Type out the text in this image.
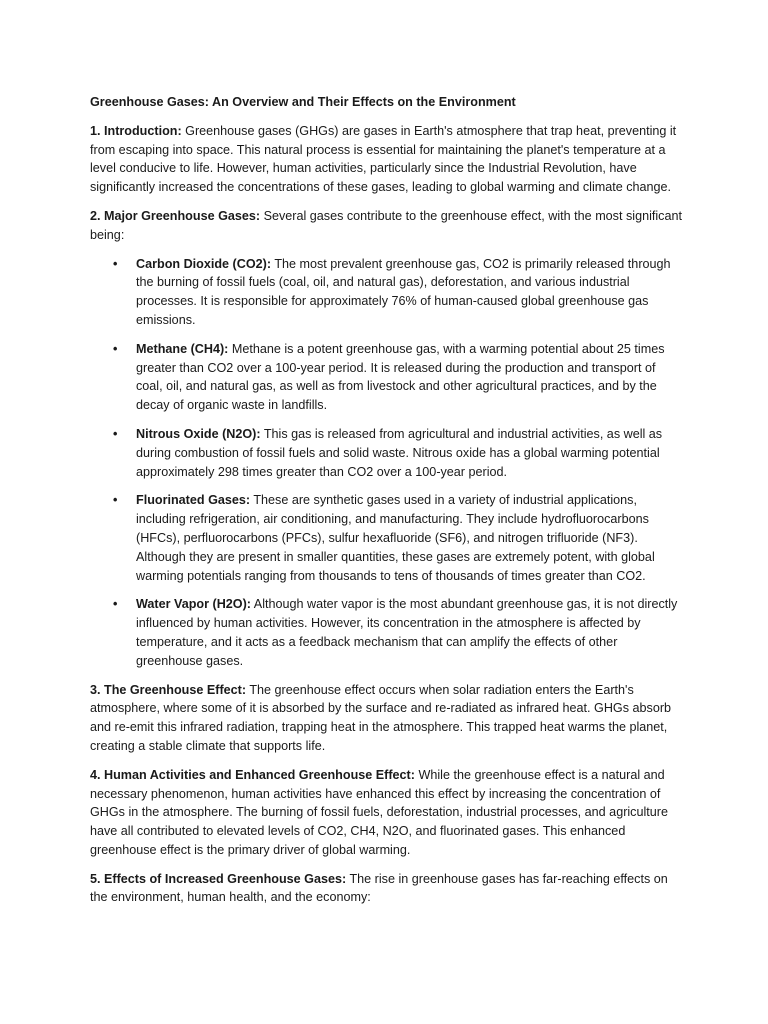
Greenhouse Gases: An Overview and Their Effects on the Environment

1. Introduction: Greenhouse gases (GHGs) are gases in Earth's atmosphere that trap heat, preventing it from escaping into space. This natural process is essential for maintaining the planet's temperature at a level conducive to life. However, human activities, particularly since the Industrial Revolution, have significantly increased the concentrations of these gases, leading to global warming and climate change.

2. Major Greenhouse Gases: Several gases contribute to the greenhouse effect, with the most significant being:

• Carbon Dioxide (CO2): The most prevalent greenhouse gas, CO2 is primarily released through the burning of fossil fuels (coal, oil, and natural gas), deforestation, and various industrial processes. It is responsible for approximately 76% of human-caused global greenhouse gas emissions.
• Methane (CH4): Methane is a potent greenhouse gas, with a warming potential about 25 times greater than CO2 over a 100-year period. It is released during the production and transport of coal, oil, and natural gas, as well as from livestock and other agricultural practices, and by the decay of organic waste in landfills.
• Nitrous Oxide (N2O): This gas is released from agricultural and industrial activities, as well as during combustion of fossil fuels and solid waste. Nitrous oxide has a global warming potential approximately 298 times greater than CO2 over a 100-year period.
• Fluorinated Gases: These are synthetic gases used in a variety of industrial applications, including refrigeration, air conditioning, and manufacturing. They include hydrofluorocarbons (HFCs), perfluorocarbons (PFCs), sulfur hexafluoride (SF6), and nitrogen trifluoride (NF3). Although they are present in smaller quantities, these gases are extremely potent, with global warming potentials ranging from thousands to tens of thousands of times greater than CO2.
• Water Vapor (H2O): Although water vapor is the most abundant greenhouse gas, it is not directly influenced by human activities. However, its concentration in the atmosphere is affected by temperature, and it acts as a feedback mechanism that can amplify the effects of other greenhouse gases.

3. The Greenhouse Effect: The greenhouse effect occurs when solar radiation enters the Earth's atmosphere, where some of it is absorbed by the surface and re-radiated as infrared heat. GHGs absorb and re-emit this infrared radiation, trapping heat in the atmosphere. This trapped heat warms the planet, creating a stable climate that supports life.

4. Human Activities and Enhanced Greenhouse Effect: While the greenhouse effect is a natural and necessary phenomenon, human activities have enhanced this effect by increasing the concentration of GHGs in the atmosphere. The burning of fossil fuels, deforestation, industrial processes, and agriculture have all contributed to elevated levels of CO2, CH4, N2O, and fluorinated gases. This enhanced greenhouse effect is the primary driver of global warming.

5. Effects of Increased Greenhouse Gases: The rise in greenhouse gases has far-reaching effects on the environment, human health, and the economy:
